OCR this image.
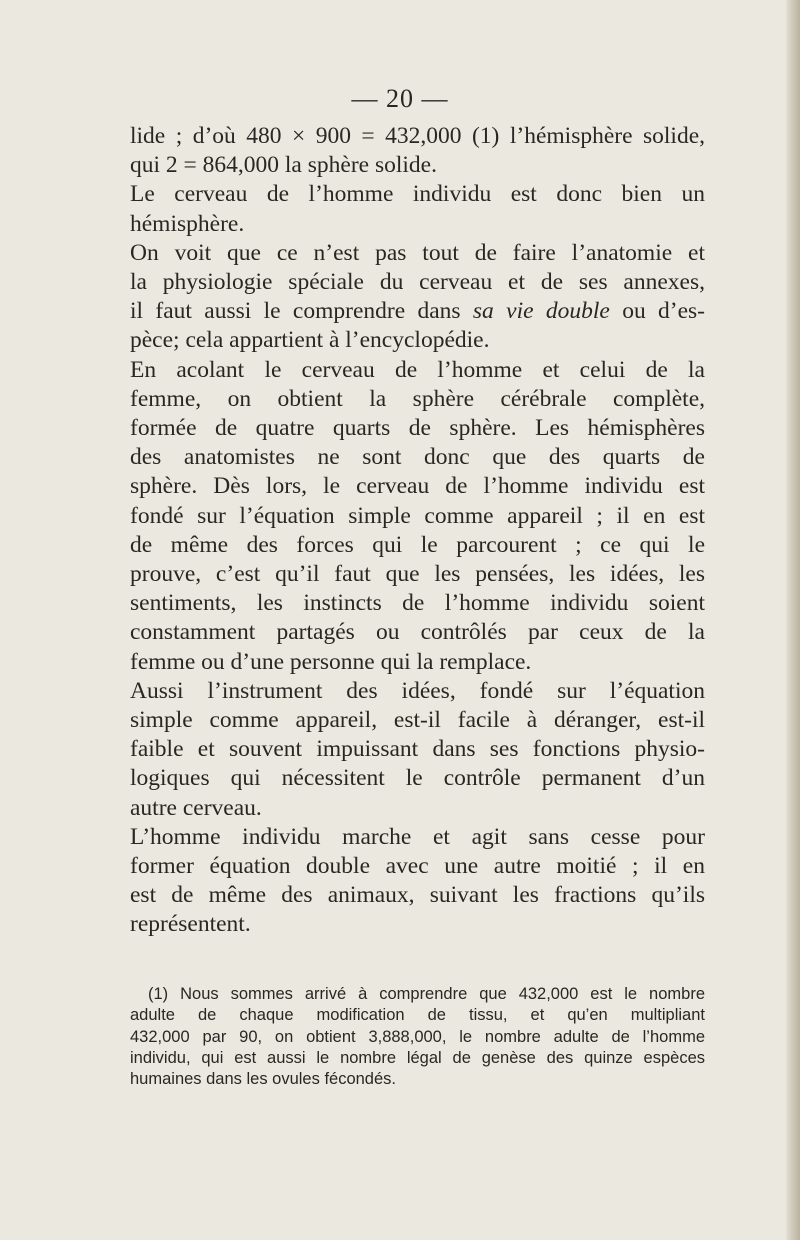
— 20 —
lide ; d’où 480 × 900 = 432,000 (1) l’hémisphère solide,
qui 2 = 864,000 la sphère solide.
Le cerveau de l’homme individu est donc bien un
hémisphère.
On voit que ce n’est pas tout de faire l’anatomie et
la physiologie spéciale du cerveau et de ses annexes,
il faut aussi le comprendre dans sa vie double ou d’es-
pèce; cela appartient à l’encyclopédie.
En acolant le cerveau de l’homme et celui de la
femme, on obtient la sphère cérébrale complète,
formée de quatre quarts de sphère. Les hémisphères
des anatomistes ne sont donc que des quarts de
sphère. Dès lors, le cerveau de l’homme individu est
fondé sur l’équation simple comme appareil ; il en est
de même des forces qui le parcourent ; ce qui le
prouve, c’est qu’il faut que les pensées, les idées, les
sentiments, les instincts de l’homme individu soient
constamment partagés ou contrôlés par ceux de la
femme ou d’une personne qui la remplace.
Aussi l’instrument des idées, fondé sur l’équation
simple comme appareil, est-il facile à déranger, est-il
faible et souvent impuissant dans ses fonctions physio-
logiques qui nécessitent le contrôle permanent d’un
autre cerveau.
L’homme individu marche et agit sans cesse pour
former équation double avec une autre moitié ; il en
est de même des animaux, suivant les fractions qu’ils
représentent.
(1) Nous sommes arrivé à comprendre que 432,000 est le nombre
adulte de chaque modification de tissu, et qu’en multipliant
432,000 par 90, on obtient 3,888,000, le nombre adulte de l’homme
individu, qui est aussi le nombre légal de genèse des quinze espèces
humaines dans les ovules fécondés.
